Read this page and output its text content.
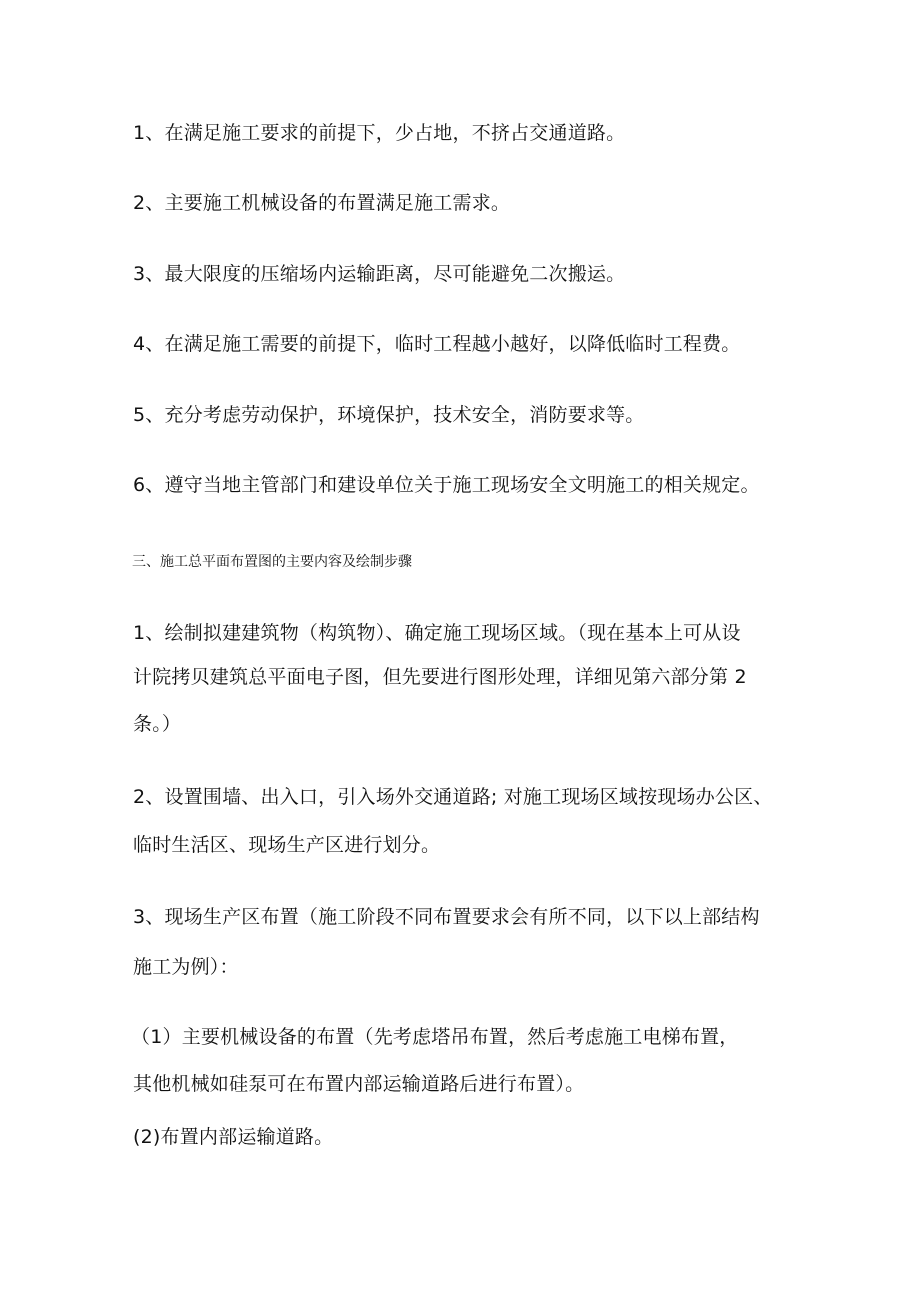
1、在满足施工要求的前提下，少占地，不挤占交通道路。
2、主要施工机械设备的布置满足施工需求。
3、最大限度的压缩场内运输距离，尽可能避免二次搬运。
4、在满足施工需要的前提下，临时工程越小越好，以降低临时工程费。
5、充分考虑劳动保护，环境保护，技术安全，消防要求等。
6、遵守当地主管部门和建设单位关于施工现场安全文明施工的相关规定。
三、施工总平面布置图的主要内容及绘制步骤
1、绘制拟建建筑物（构筑物）、确定施工现场区域。（现在基本上可从设
计院拷贝建筑总平面电子图，但先要进行图形处理，详细见第六部分第 2
条。）
2、设置围墙、出入口，引入场外交通道路; 对施工现场区域按现场办公区、
临时生活区、现场生产区进行划分。
3、现场生产区布置（施工阶段不同布置要求会有所不同，以下以上部结构
施工为例）：
（1）主要机械设备的布置（先考虑塔吊布置，然后考虑施工电梯布置，
其他机械如硅泵可在布置内部运输道路后进行布置）。
(2)布置内部运输道路。
